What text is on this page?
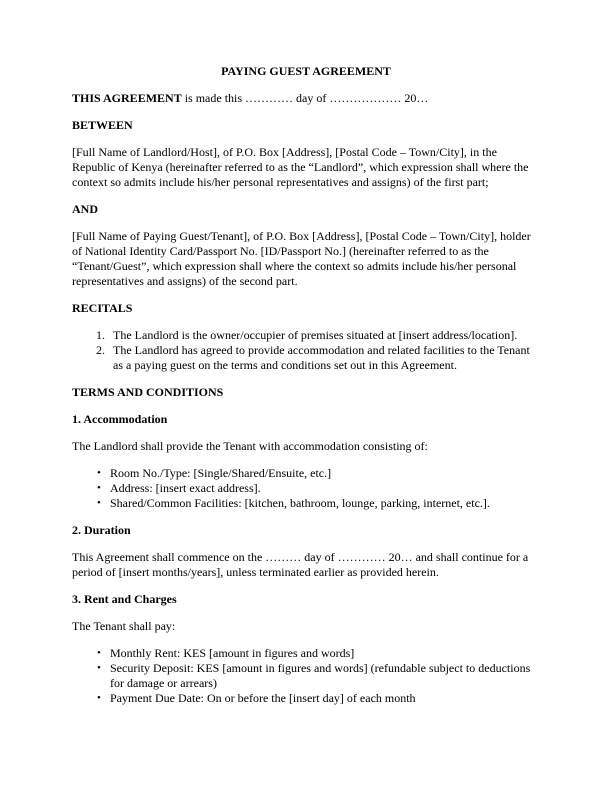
PAYING GUEST AGREEMENT

THIS AGREEMENT is made this ………… day of ……………… 20…

BETWEEN

[Full Name of Landlord/Host], of P.O. Box [Address], [Postal Code – Town/City], in the Republic of Kenya (hereinafter referred to as the “Landlord”, which expression shall where the context so admits include his/her personal representatives and assigns) of the first part;

AND

[Full Name of Paying Guest/Tenant], of P.O. Box [Address], [Postal Code – Town/City], holder of National Identity Card/Passport No. [ID/Passport No.] (hereinafter referred to as the “Tenant/Guest”, which expression shall where the context so admits include his/her personal representatives and assigns) of the second part.

RECITALS
1. The Landlord is the owner/occupier of premises situated at [insert address/location].
2. The Landlord has agreed to provide accommodation and related facilities to the Tenant as a paying guest on the terms and conditions set out in this Agreement.
TERMS AND CONDITIONS
1. Accommodation

The Landlord shall provide the Tenant with accommodation consisting of:

• Room No./Type: [Single/Shared/Ensuite, etc.]
• Address: [insert exact address].
• Shared/Common Facilities: [kitchen, bathroom, lounge, parking, internet, etc.].
2. Duration

This Agreement shall commence on the ……… day of ………… 20… and shall continue for a period of [insert months/years], unless terminated earlier as provided herein.

3. Rent and Charges

The Tenant shall pay:

• Monthly Rent: KES [amount in figures and words]
• Security Deposit: KES [amount in figures and words] (refundable subject to deductions for damage or arrears)
• Payment Due Date: On or before the [insert day] of each month
